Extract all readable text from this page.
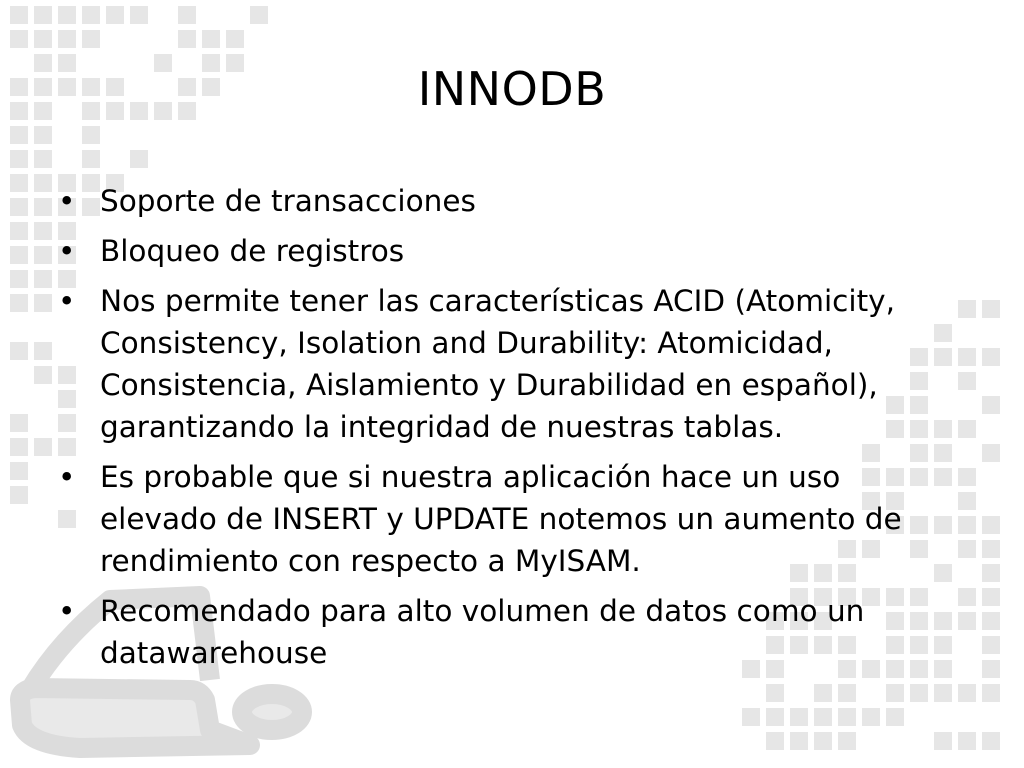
INNODB
• Soporte de transacciones
• Bloqueo de registros
• Nos permite tener las características ACID (Atomicity, Consistency, Isolation and Durability: Atomicidad, Consistencia, Aislamiento y Durabilidad en español), garantizando la integridad de nuestras tablas.
• Es probable que si nuestra aplicación hace un uso elevado de INSERT y UPDATE notemos un aumento de rendimiento con respecto a MyISAM.
• Recomendado para alto volumen de datos como un datawarehouse
